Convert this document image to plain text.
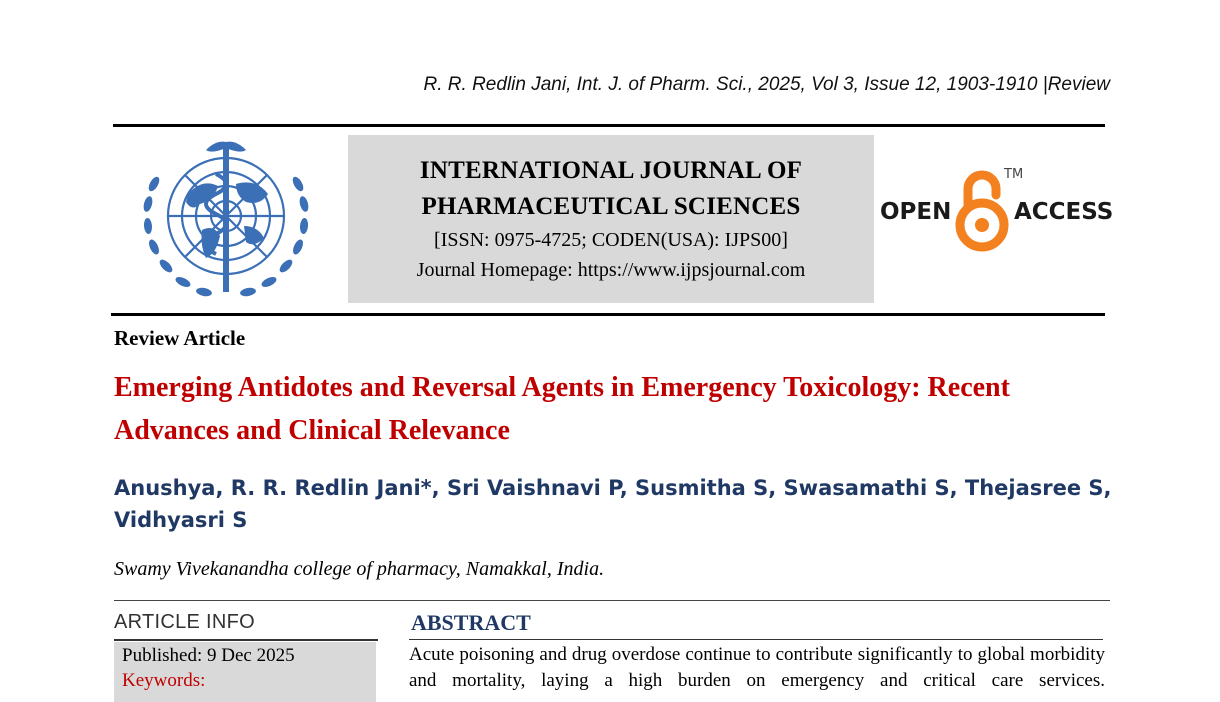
R. R. Redlin Jani, Int. J. of Pharm. Sci., 2025, Vol 3, Issue 12, 1903-1910 |Review
INTERNATIONAL JOURNAL OF
PHARMACEUTICAL SCIENCES
[ISSN: 0975-4725; CODEN(USA): IJPS00]
Journal Homepage: https://www.ijpsjournal.com
OPEN
TM
ACCESS
Review Article
Emerging Antidotes and Reversal Agents in Emergency Toxicology: Recent Advances and Clinical Relevance
Anushya, R. R. Redlin Jani*, Sri Vaishnavi P, Susmitha S, Swasamathi S, Thejasree S, Vidhyasri S
Swamy Vivekanandha college of pharmacy, Namakkal, India.
ARTICLE INFO
Published: 9 Dec 2025
Keywords:
ABSTRACT
Acute poisoning and drug overdose continue to contribute significantly to global morbidity and mortality, laying a high burden on emergency and critical care services.
